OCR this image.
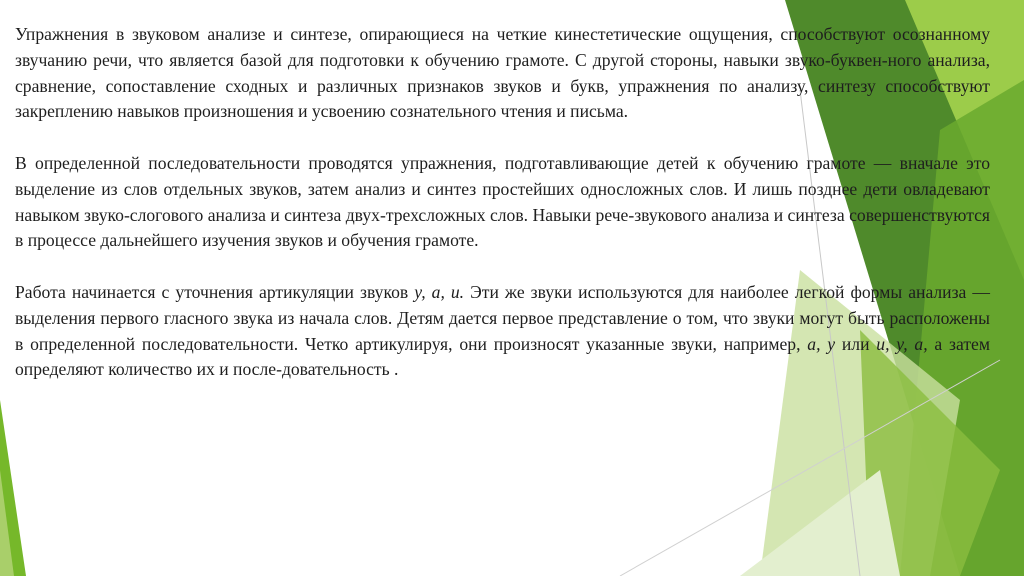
Упражнения в звуковом анализе и синтезе, опирающиеся на четкие кинестетические ощущения, способствуют осознанному звучанию речи, что является базой для подготовки к обучению грамоте. С другой стороны, навыки звуко-буквен-ного анализа, сравнение, сопоставление сходных и различных признаков звуков и букв, упражнения по анализу, синтезу способствуют закреплению навыков произношения и усвоению сознательного чтения и письма.

В определенной последовательности проводятся упражнения, подготавливающие детей к обучению грамоте — вначале это выделение из слов отдельных звуков, затем анализ и синтез простейших односложных слов. И лишь позднее дети овладевают навыком звуко-слогового анализа и синтеза двух-трехсложных слов. Навыки рече-звукового анализа и синтеза совершенствуются в процессе дальнейшего изучения звуков и обучения грамоте.

Работа начинается с уточнения артикуляции звуков у, а, и. Эти же звуки используются для наиболее легкой формы анализа — выделения первого гласного звука из начала слов. Детям дается первое представление о том, что звуки могут быть расположены в определенной последовательности. Четко артикулируя, они произносят указанные звуки, например, а, у или и, у, а, а затем определяют количество их и после-довательность .
